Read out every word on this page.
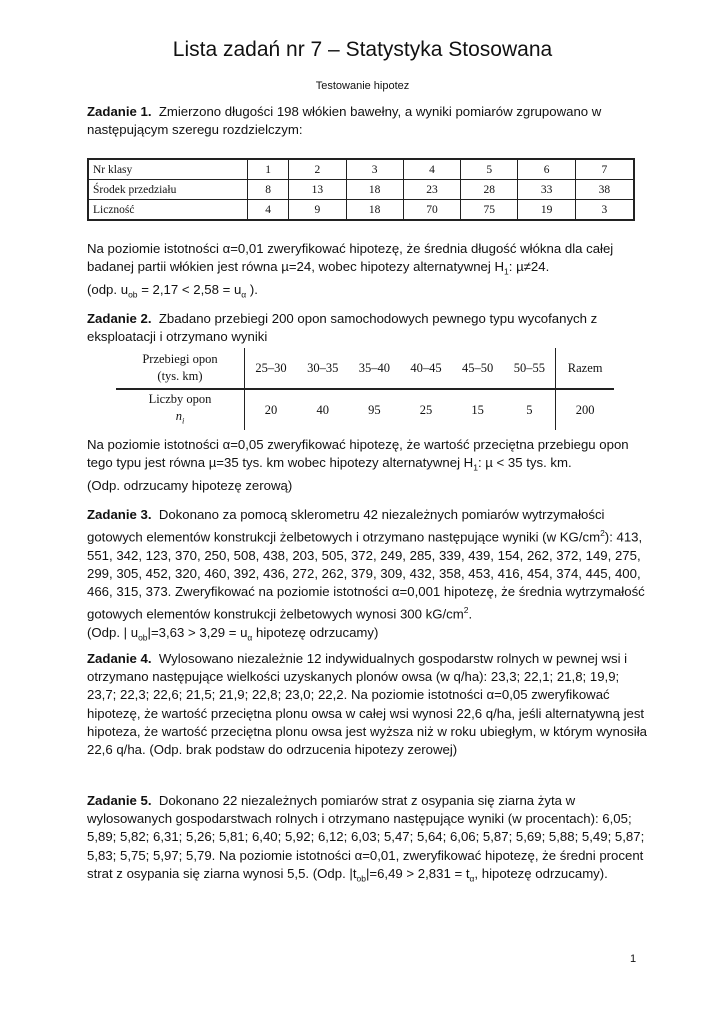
Lista zadań nr 7 – Statystyka Stosowana
Testowanie hipotez
Zadanie 1. Zmierzono długości 198 włókien bawełny, a wyniki pomiarów zgrupowano w następującym szeregu rozdzielczym:
Nr klasy	1	2	3	4	5	6	7
Środek przedziału	8	13	18	23	28	33	38
Liczność	4	9	18	70	75	19	3
Na poziomie istotności α=0,01 zweryfikować hipotezę, że średnia długość włókna dla całej badanej partii włókien jest równa µ=24, wobec hipotezy alternatywnej $H_1$: µ≠24.
(odp. $u_{ob} = 2,17 < 2,58 = u_\alpha$ ).
Zadanie 2. Zbadano przebiegi 200 opon samochodowych pewnego typu wycofanych z eksploatacji i otrzymano wyniki
Przebiegi opon
(tys. km)	25–30	30–35	35–40	40–45	45–50	50–55	Razem
Liczby opon
$n_i$	20	40	95	25	15	5	200
Na poziomie istotności α=0,05 zweryfikować hipotezę, że wartość przeciętna przebiegu opon tego typu jest równa µ=35 tys. km wobec hipotezy alternatywnej $H_1$: µ < 35 tys. km.
(Odp. odrzucamy hipotezę zerową)
Zadanie 3. Dokonano za pomocą sklerometru 42 niezależnych pomiarów wytrzymałości gotowych elementów konstrukcji żelbetowych i otrzymano następujące wyniki (w $KG/cm^2$): 413, 551, 342, 123, 370, 250, 508, 438, 203, 505, 372, 249, 285, 339, 439, 154, 262, 372, 149, 275, 299, 305, 452, 320, 460, 392, 436, 272, 262, 379, 309, 432, 358, 453, 416, 454, 374, 445, 400, 466, 315, 373. Zweryfikować na poziomie istotności α=0,001 hipotezę, że średnia wytrzymałość gotowych elementów konstrukcji żelbetowych wynosi 300 $kG/cm^2$.
(Odp. | $u_{ob}|=3,63 > 3,29 = u_\alpha$ hipotezę odrzucamy)
Zadanie 4. Wylosowano niezależnie 12 indywidualnych gospodarstw rolnych w pewnej wsi i otrzymano następujące wielkości uzyskanych plonów owsa (w q/ha): 23,3; 22,1; 21,8; 19,9; 23,7; 22,3; 22,6; 21,5; 21,9; 22,8; 23,0; 22,2. Na poziomie istotności α=0,05 zweryfikować hipotezę, że wartość przeciętna plonu owsa w całej wsi wynosi 22,6 q/ha, jeśli alternatywną jest hipoteza, że wartość przeciętna plonu owsa jest wyższa niż w roku ubiegłym, w którym wynosiła 22,6 q/ha. (Odp. brak podstaw do odrzucenia hipotezy zerowej)
Zadanie 5. Dokonano 22 niezależnych pomiarów strat z osypania się ziarna żyta w wylosowanych gospodarstwach rolnych i otrzymano następujące wyniki (w procentach): 6,05; 5,89; 5,82; 6,31; 5,26; 5,81; 6,40; 5,92; 6,12; 6,03; 5,47; 5,64; 6,06; 5,87; 5,69; 5,88; 5,49; 5,87; 5,83; 5,75; 5,97; 5,79. Na poziomie istotności α=0,01, zweryfikować hipotezę, że średni procent strat z osypania się ziarna wynosi 5,5. (Odp. $|t_{ob}|=6,49 > 2,831 = t_\alpha$, hipotezę odrzucamy).
1
